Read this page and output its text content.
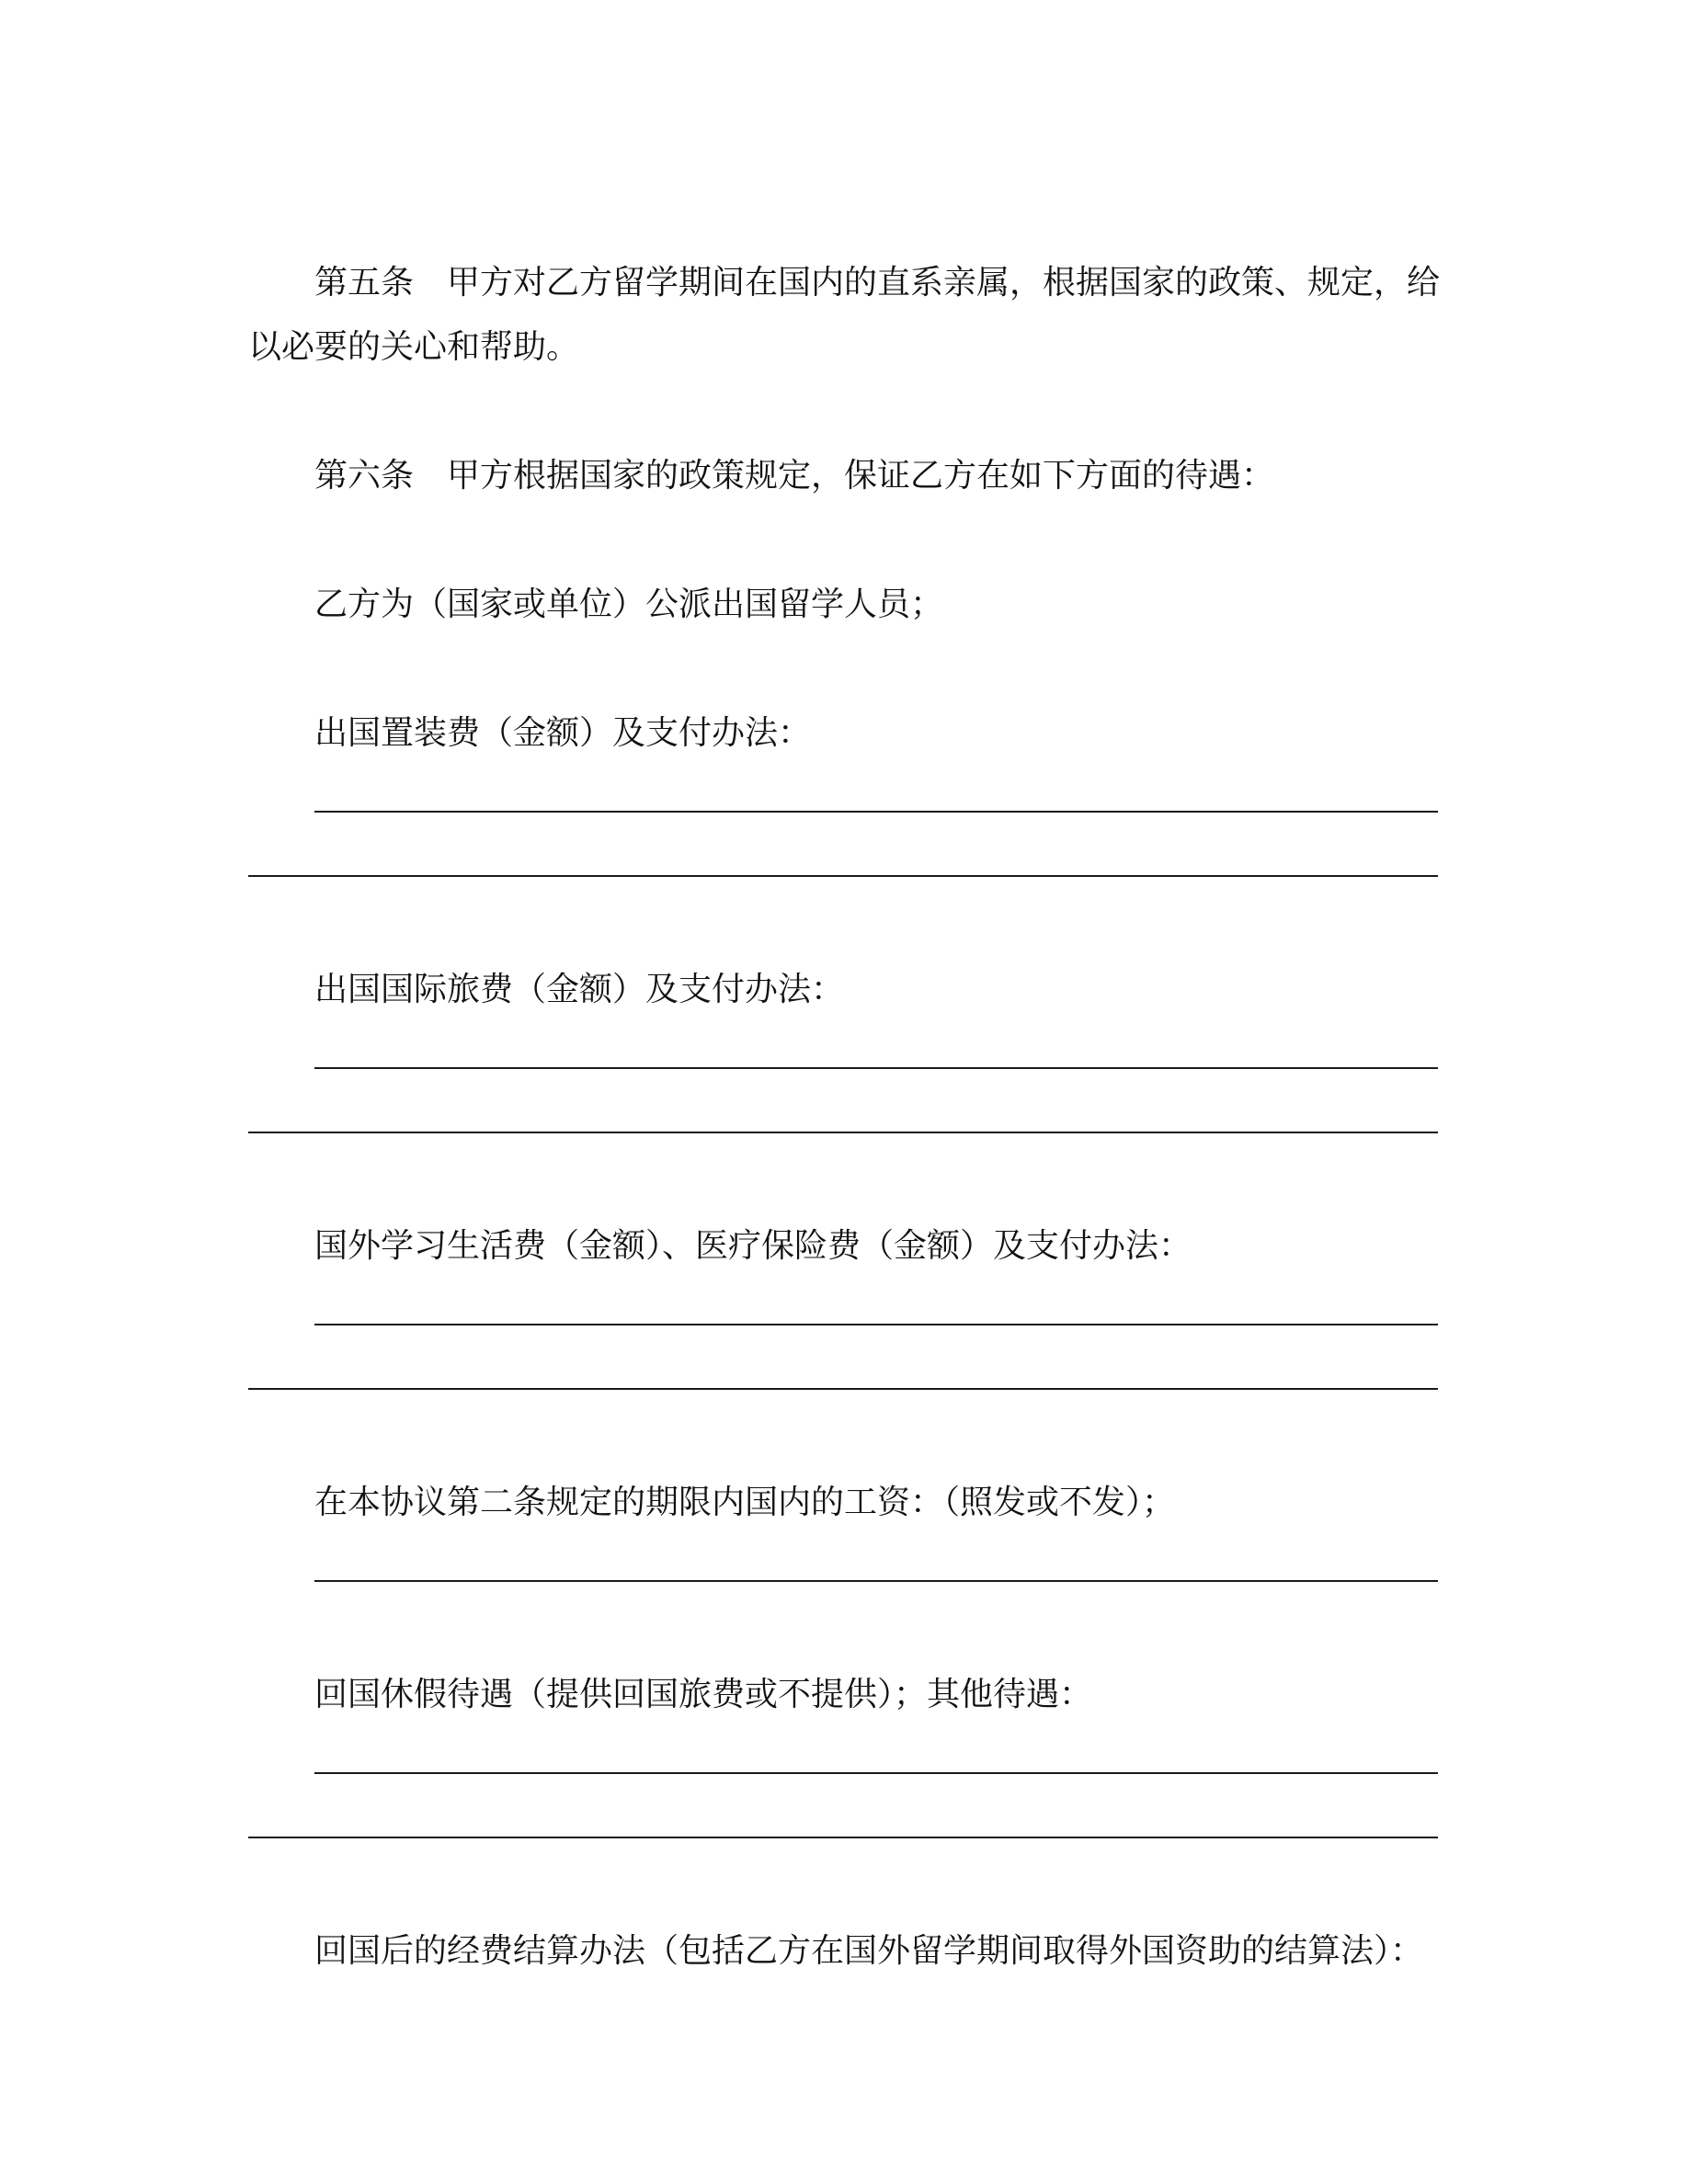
第五条　甲方对乙方留学期间在国内的直系亲属，根据国家的政策、规定，给
以必要的关心和帮助。
第六条　甲方根据国家的政策规定，保证乙方在如下方面的待遇：
乙方为（国家或单位）公派出国留学人员；
出国置装费（金额）及支付办法：
出国国际旅费（金额）及支付办法：
国外学习生活费（金额）、医疗保险费（金额）及支付办法：
在本协议第二条规定的期限内国内的工资：（照发或不发）；
回国休假待遇（提供回国旅费或不提供）；其他待遇：
回国后的经费结算办法（包括乙方在国外留学期间取得外国资助的结算法）：
